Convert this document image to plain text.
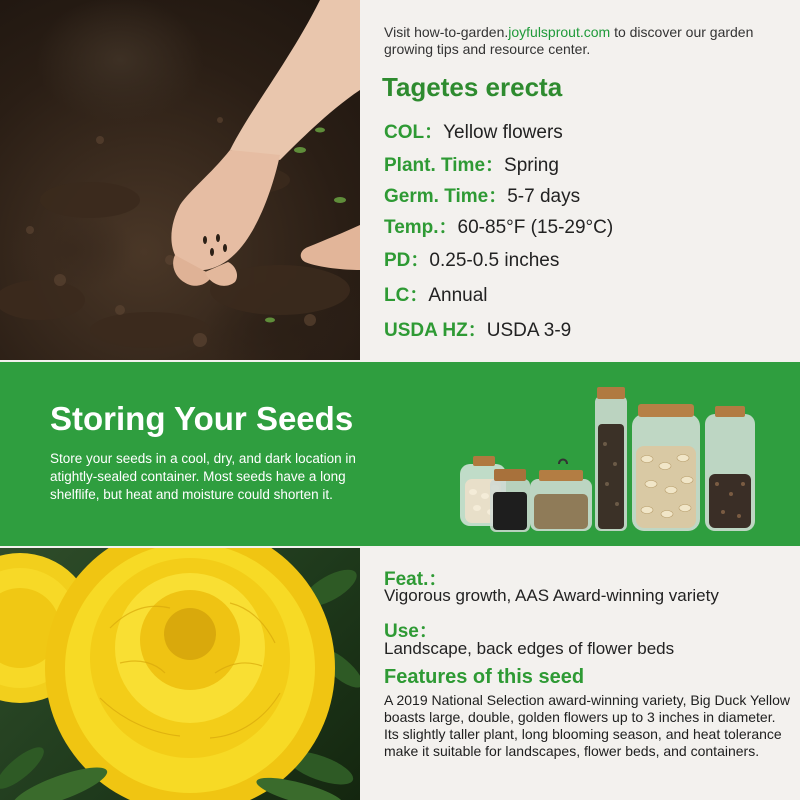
Visit how-to-garden.joyfulsprout.com to discover our garden growing tips and resource center.
Tagetes erecta
COL：Yellow flowers
Plant. Time：Spring
Germ. Time：5-7 days
Temp.：60-85°F (15-29°C)
PD：0.25-0.5 inches
LC：Annual
USDA HZ：USDA 3-9
Storing Your Seeds
Store your seeds in a cool, dry, and dark location in atightly-sealed container. Most seeds have a long shelflife, but heat and moisture could shorten it.
Feat.：
Vigorous growth, AAS Award-winning variety
Use：
Landscape, back edges of flower beds
Features of this seed
A 2019 National Selection award-winning variety, Big Duck Yellow boasts large, double, golden flowers up to 3 inches in diameter. Its slightly taller plant, long blooming season, and heat tolerance make it suitable for landscapes, flower beds, and containers.
